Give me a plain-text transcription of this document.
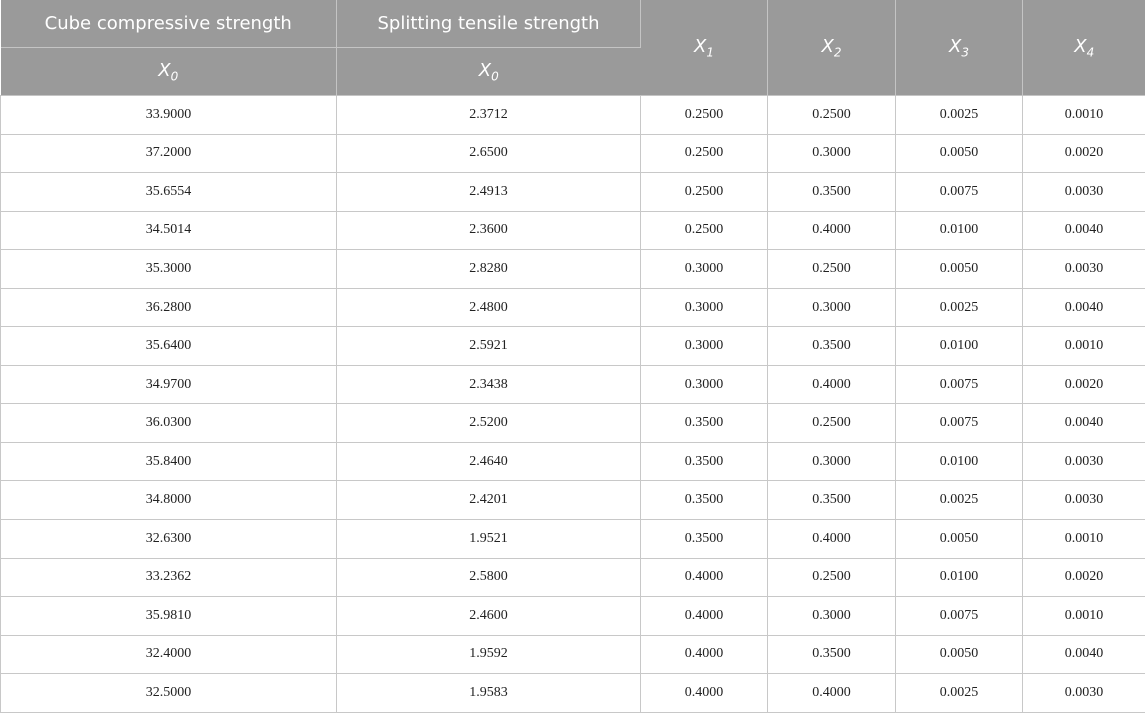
Cube compressive strength	Splitting tensile strength	$X_1$	$X_2$	$X_3$	$X_4$
$X_0$	$X_0$
33.9000	2.3712	0.2500	0.2500	0.0025	0.0010
37.2000	2.6500	0.2500	0.3000	0.0050	0.0020
35.6554	2.4913	0.2500	0.3500	0.0075	0.0030
34.5014	2.3600	0.2500	0.4000	0.0100	0.0040
35.3000	2.8280	0.3000	0.2500	0.0050	0.0030
36.2800	2.4800	0.3000	0.3000	0.0025	0.0040
35.6400	2.5921	0.3000	0.3500	0.0100	0.0010
34.9700	2.3438	0.3000	0.4000	0.0075	0.0020
36.0300	2.5200	0.3500	0.2500	0.0075	0.0040
35.8400	2.4640	0.3500	0.3000	0.0100	0.0030
34.8000	2.4201	0.3500	0.3500	0.0025	0.0030
32.6300	1.9521	0.3500	0.4000	0.0050	0.0010
33.2362	2.5800	0.4000	0.2500	0.0100	0.0020
35.9810	2.4600	0.4000	0.3000	0.0075	0.0010
32.4000	1.9592	0.4000	0.3500	0.0050	0.0040
32.5000	1.9583	0.4000	0.4000	0.0025	0.0030
